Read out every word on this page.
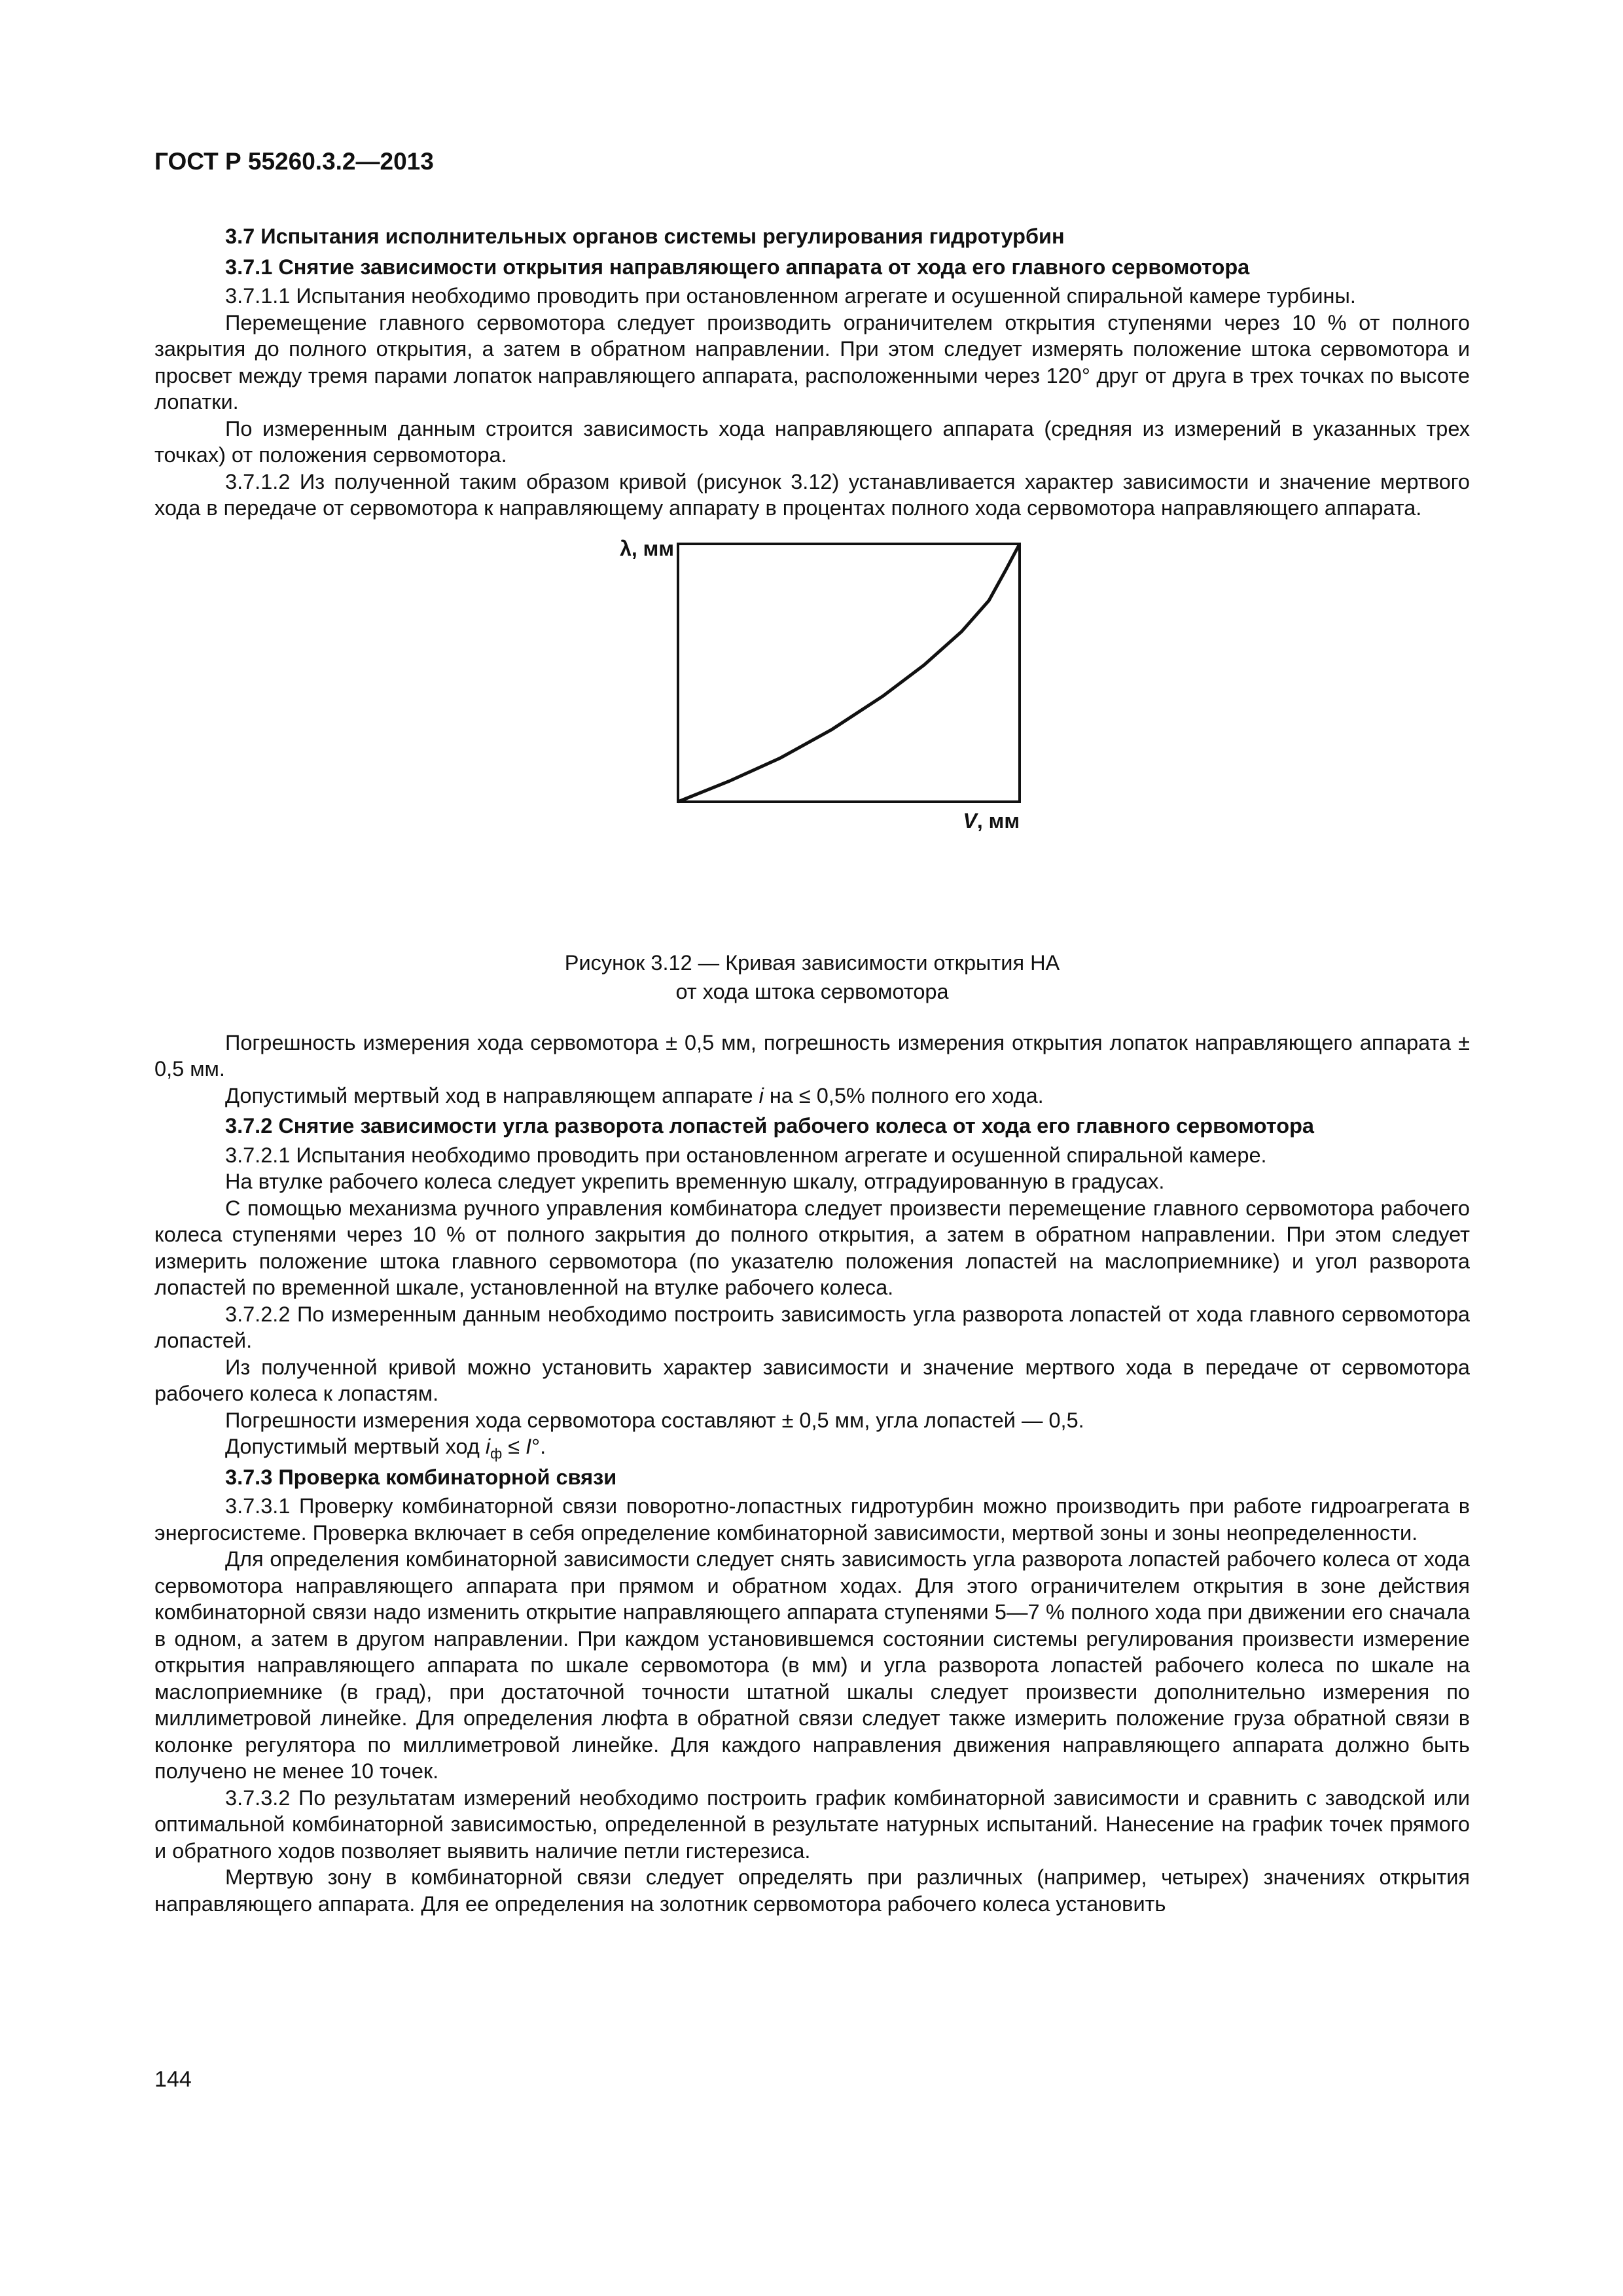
ГОСТ Р 55260.3.2—2013

3.7 Испытания исполнительных органов системы регулирования гидротурбин

3.7.1 Снятие зависимости открытия направляющего аппарата от хода его главного сервомотора

3.7.1.1 Испытания необходимо проводить при остановленном агрегате и осушенной спиральной камере турбины.

Перемещение главного сервомотора следует производить ограничителем открытия ступенями через 10 % от полного закрытия до полного открытия, а затем в обратном направлении. При этом следует измерять положение штока сервомотора и просвет между тремя парами лопаток направляющего аппарата, расположенными через 120° друг от друга в трех точках по высоте лопатки.

По измеренным данным строится зависимость хода направляющего аппарата (средняя из измерений в указанных трех точках) от положения сервомотора.

3.7.1.2 Из полученной таким образом кривой (рисунок 3.12) устанавливается характер зависимости и значение мертвого хода в передаче от сервомотора к направляющему аппарату в процентах полного хода сервомотора направляющего аппарата.

λ, мм
V, мм
Рисунок 3.12 — Кривая зависимости открытия НА
от хода штока сервомотора

Погрешность измерения хода сервомотора ± 0,5 мм, погрешность измерения открытия лопаток направляющего аппарата ± 0,5 мм.

Допустимый мертвый ход в направляющем аппарате i на ≤ 0,5% полного его хода.

3.7.2 Снятие зависимости угла разворота лопастей рабочего колеса от хода его главного сервомотора

3.7.2.1 Испытания необходимо проводить при остановленном агрегате и осушенной спиральной камере.

На втулке рабочего колеса следует укрепить временную шкалу, отградуированную в градусах.

С помощью механизма ручного управления комбинатора следует произвести перемещение главного сервомотора рабочего колеса ступенями через 10 % от полного закрытия до полного открытия, а затем в обратном направлении. При этом следует измерить положение штока главного сервомотора (по указателю положения лопастей на маслоприемнике) и угол разворота лопастей по временной шкале, установленной на втулке рабочего колеса.

3.7.2.2 По измеренным данным необходимо построить зависимость угла разворота лопастей от хода главного сервомотора лопастей.

Из полученной кривой можно установить характер зависимости и значение мертвого хода в передаче от сервомотора рабочего колеса к лопастям.

Погрешности измерения хода сервомотора составляют ± 0,5 мм, угла лопастей — 0,5.

Допустимый мертвый ход $i_ф \le I^\circ$.

3.7.3 Проверка комбинаторной связи

3.7.3.1 Проверку комбинаторной связи поворотно-лопастных гидротурбин можно производить при работе гидроагрегата в энергосистеме. Проверка включает в себя определение комбинаторной зависимости, мертвой зоны и зоны неопределенности.

Для определения комбинаторной зависимости следует снять зависимость угла разворота лопастей рабочего колеса от хода сервомотора направляющего аппарата при прямом и обратном ходах. Для этого ограничителем открытия в зоне действия комбинаторной связи надо изменить открытие направляющего аппарата ступенями 5—7 % полного хода при движении его сначала в одном, а затем в другом направлении. При каждом установившемся состоянии системы регулирования произвести измерение открытия направляющего аппарата по шкале сервомотора (в мм) и угла разворота лопастей рабочего колеса по шкале на маслоприемнике (в град), при достаточной точности штатной шкалы следует произвести дополнительно измерения по миллиметровой линейке. Для определения люфта в обратной связи следует также измерить положение груза обратной связи в колонке регулятора по миллиметровой линейке. Для каждого направления движения направляющего аппарата должно быть получено не менее 10 точек.

3.7.3.2 По результатам измерений необходимо построить график комбинаторной зависимости и сравнить с заводской или оптимальной комбинаторной зависимостью, определенной в результате натурных испытаний. Нанесение на график точек прямого и обратного ходов позволяет выявить наличие петли гистерезиса.

Мертвую зону в комбинаторной связи следует определять при различных (например, четырех) значениях открытия направляющего аппарата. Для ее определения на золотник сервомотора рабочего колеса установить

144
